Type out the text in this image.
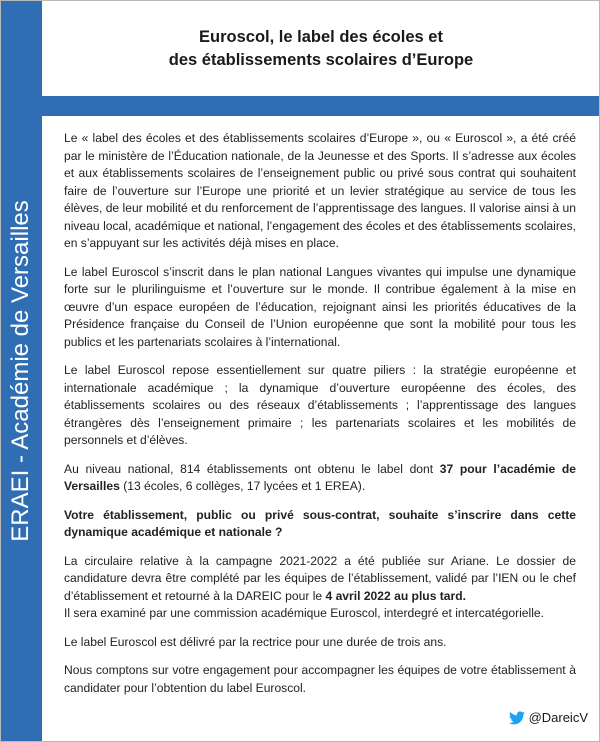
ERAEI - Académie de Versailles
Euroscol, le label des écoles et
des établissements scolaires d’Europe

Le « label des écoles et des établissements scolaires d’Europe », ou « Euroscol », a été créé par le ministère de l’Éducation nationale, de la Jeunesse et des Sports. Il s’adresse aux écoles et aux établissements scolaires de l’enseignement public ou privé sous contrat qui souhaitent faire de l’ouverture sur l’Europe une priorité et un levier stratégique au service de tous les élèves, de leur mobilité et du renforcement de l’apprentissage des langues. Il valorise ainsi à un niveau local, académique et national, l’engagement des écoles et des établissements scolaires, en s’appuyant sur les activités déjà mises en place.

Le label Euroscol s’inscrit dans le plan national Langues vivantes qui impulse une dynamique forte sur le plurilinguisme et l’ouverture sur le monde. Il contribue également à la mise en œuvre d’un espace européen de l’éducation, rejoignant ainsi les priorités éducatives de la Présidence française du Conseil de l’Union européenne que sont la mobilité pour tous les publics et les partenariats scolaires à l’international.

Le label Euroscol repose essentiellement sur quatre piliers : la stratégie européenne et internationale académique ; la dynamique d’ouverture européenne des écoles, des établissements scolaires ou des réseaux d’établissements ; l’apprentissage des langues étrangères dès l’enseignement primaire ; les partenariats scolaires et les mobilités de personnels et d’élèves.

Au niveau national, 814 établissements ont obtenu le label dont 37 pour l’académie de Versailles (13 écoles, 6 collèges, 17 lycées et 1 EREA).

Votre établissement, public ou privé sous-contrat, souhaite s’inscrire dans cette dynamique académique et nationale ?

La circulaire relative à la campagne 2021-2022 a été publiée sur Ariane. Le dossier de candidature devra être complété par les équipes de l’établissement, validé par l’IEN ou le chef d’établissement et retourné à la DAREIC pour le 4 avril 2022 au plus tard.
Il sera examiné par une commission académique Euroscol, interdegré et intercatégorielle.

Le label Euroscol est délivré par la rectrice pour une durée de trois ans.

Nous comptons sur votre engagement pour accompagner les équipes de votre établissement à candidater pour l’obtention du label Euroscol.

@DareicV
